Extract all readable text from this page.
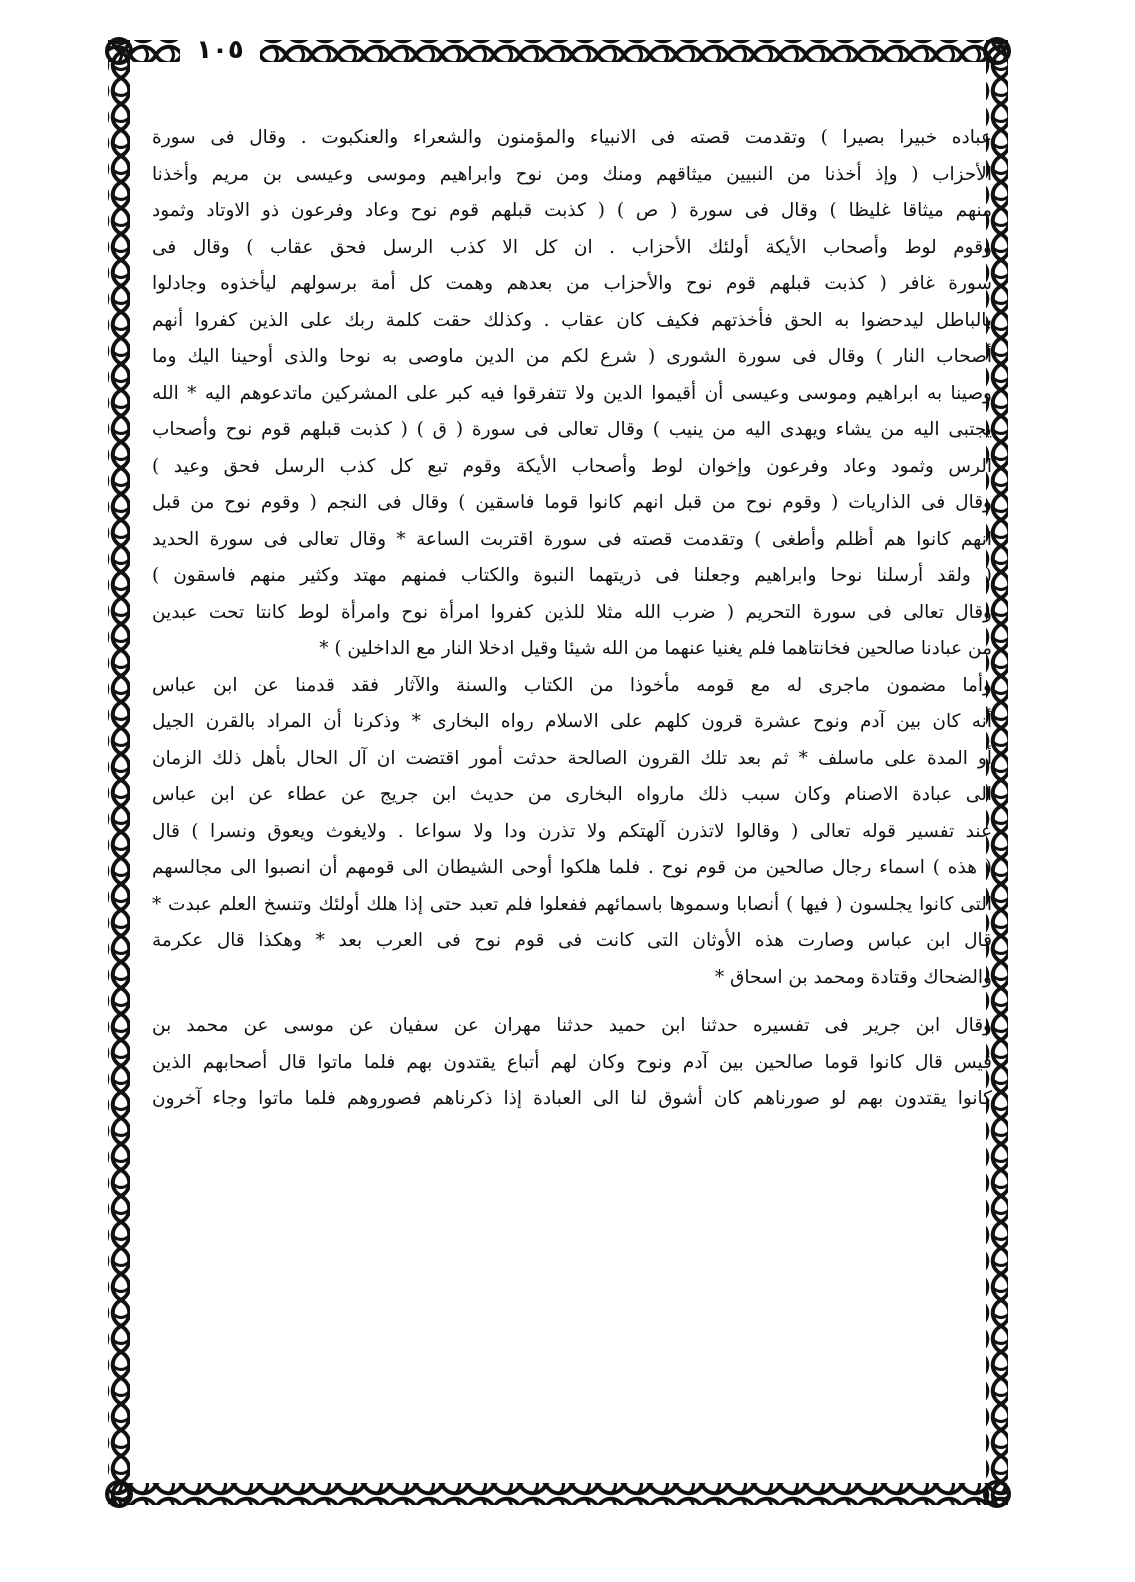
١٠٥
عباده خبيرا بصيرا ) وتقدمت قصته فى الانبياء والمؤمنون والشعراء والعنكبوت . وقال فى سورة
الأحزاب ( وإذ أخذنا من النبيين ميثاقهم ومنك ومن نوح وابراهيم وموسى وعيسى بن مريم وأخذنا
منهم ميثاقا غليظا ) وقال فى سورة ( ص ) ( كذبت قبلهم قوم نوح وعاد وفرعون ذو الاوتاد وثمود
وقوم لوط وأصحاب الأيكة أولئك الأحزاب . ان كل الا كذب الرسل فحق عقاب ) وقال فى
سورة غافر ( كذبت قبلهم قوم نوح والأحزاب من بعدهم وهمت كل أمة برسولهم ليأخذوه وجادلوا
بالباطل ليدحضوا به الحق فأخذتهم فكيف كان عقاب . وكذلك حقت كلمة ربك على الذين كفروا أنهم
أصحاب النار ) وقال فى سورة الشورى ( شرع لكم من الدين ماوصى به نوحا والذى أوحينا اليك وما
وصينا به ابراهيم وموسى وعيسى أن أقيموا الدين ولا تتفرقوا فيه كبر على المشركين ماتدعوهم اليه * الله
يجتبى اليه من يشاء ويهدى اليه من ينيب ) وقال تعالى فى سورة ( ق ) ( كذبت قبلهم قوم نوح وأصحاب
الرس وثمود وعاد وفرعون وإخوان لوط وأصحاب الأيكة وقوم تبع كل كذب الرسل فحق وعيد )
وقال فى الذاريات ( وقوم نوح من قبل انهم كانوا قوما فاسقين ) وقال فى النجم ( وقوم نوح من قبل
انهم كانوا هم أظلم وأطغى ) وتقدمت قصته فى سورة اقتربت الساعة * وقال تعالى فى سورة الحديد
( ولقد أرسلنا نوحا وابراهيم وجعلنا فى ذريتهما النبوة والكتاب فمنهم مهتد وكثير منهم فاسقون )
وقال تعالى فى سورة التحريم ( ضرب الله مثلا للذين كفروا امرأة نوح وامرأة لوط كانتا تحت عبدين
من عبادنا صالحين فخانتاهما فلم يغنيا عنهما من الله شيئا وقيل ادخلا النار مع الداخلين ) *
وأما مضمون ماجرى له مع قومه مأخوذا من الكتاب والسنة والآثار فقد قدمنا عن ابن عباس
أنه كان بين آدم ونوح عشرة قرون كلهم على الاسلام رواه البخارى * وذكرنا أن المراد بالقرن الجيل
أو المدة على ماسلف * ثم بعد تلك القرون الصالحة حدثت أمور اقتضت ان آل الحال بأهل ذلك الزمان
الى عبادة الاصنام وكان سبب ذلك مارواه البخارى من حديث ابن جريج عن عطاء عن ابن عباس
عند تفسير قوله تعالى ( وقالوا لاتذرن آلهتكم ولا تذرن ودا ولا سواعا . ولايغوث ويعوق ونسرا ) قال
( هذه ) اسماء رجال صالحين من قوم نوح . فلما هلكوا أوحى الشيطان الى قومهم أن انصبوا الى مجالسهم
التى كانوا يجلسون ( فيها ) أنصابا وسموها باسمائهم ففعلوا فلم تعبد حتى إذا هلك أولئك وتنسخ العلم عبدت *
قال ابن عباس وصارت هذه الأوثان التى كانت فى قوم نوح فى العرب بعد * وهكذا قال عكرمة
والضحاك وقتادة ومحمد بن اسحاق *
وقال ابن جرير فى تفسيره حدثنا ابن حميد حدثنا مهران عن سفيان عن موسى عن محمد بن
قيس قال كانوا قوما صالحين بين آدم ونوح وكان لهم أتباع يقتدون بهم فلما ماتوا قال أصحابهم الذين
كانوا يقتدون بهم لو صورناهم كان أشوق لنا الى العبادة إذا ذكرناهم فصوروهم فلما ماتوا وجاء آخرون
